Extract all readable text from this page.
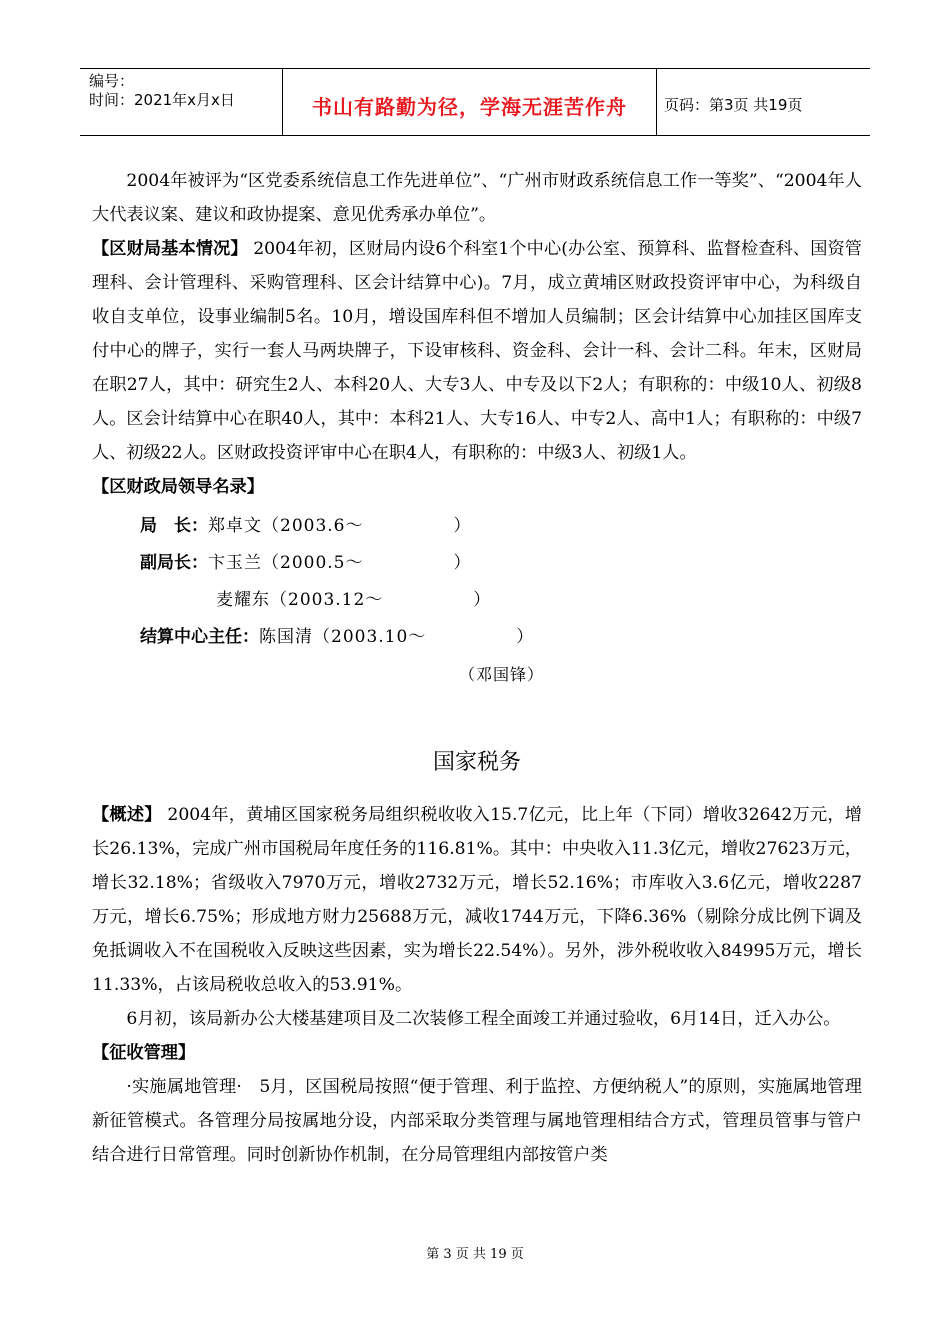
编号：
时间：2021年x月x日	书山有路勤为径，学海无涯苦作舟	页码：第3页 共19页

2004年被评为“区党委系统信息工作先进单位”、“广州市财政系统信息工作一等奖”、“2004年人大代表议案、建议和政协提案、意见优秀承办单位”。

【区财局基本情况】 2004年初，区财局内设6个科室1个中心(办公室、预算科、监督检查科、国资管理科、会计管理科、采购管理科、区会计结算中心)。7月，成立黄埔区财政投资评审中心，为科级自收自支单位，设事业编制5名。10月，增设国库科但不增加人员编制；区会计结算中心加挂区国库支付中心的牌子，实行一套人马两块牌子，下设审核科、资金科、会计一科、会计二科。年末，区财局在职27人，其中：研究生2人、本科20人、大专3人、中专及以下2人；有职称的：中级10人、初级8人。区会计结算中心在职40人，其中：本科21人、大专16人、中专2人、高中1人；有职称的：中级7人、初级22人。区财政投资评审中心在职4人，有职称的：中级3人、初级1人。

【区财政局领导名录】

局　长： 郑卓文（2003.6～　　　　　）
副局长： 卞玉兰（2000.5～　　　　　）
麦耀东（2003.12～　　　　　）
结算中心主任： 陈国清（2003.10～　　　　　）
（邓国锋）
国家税务

【概述】 2004年，黄埔区国家税务局组织税收收入15.7亿元，比上年（下同）增收32642万元，增长26.13%，完成广州市国税局年度任务的116.81%。其中：中央收入11.3亿元，增收27623万元，增长32.18%；省级收入7970万元，增收2732万元，增长52.16%；市库收入3.6亿元，增收2287万元，增长6.75%；形成地方财力25688万元，减收1744万元，下降6.36%（剔除分成比例下调及免抵调收入不在国税收入反映这些因素，实为增长22.54%）。另外，涉外税收收入84995万元，增长11.33%，占该局税收总收入的53.91%。

6月初，该局新办公大楼基建项目及二次装修工程全面竣工并通过验收，6月14日，迁入办公。

【征收管理】

·实施属地管理·　5月，区国税局按照“便于管理、利于监控、方便纳税人”的原则，实施属地管理新征管模式。各管理分局按属地分设，内部采取分类管理与属地管理相结合方式，管理员管事与管户结合进行日常管理。同时创新协作机制，在分局管理组内部按管户类

第 3 页 共 19 页
